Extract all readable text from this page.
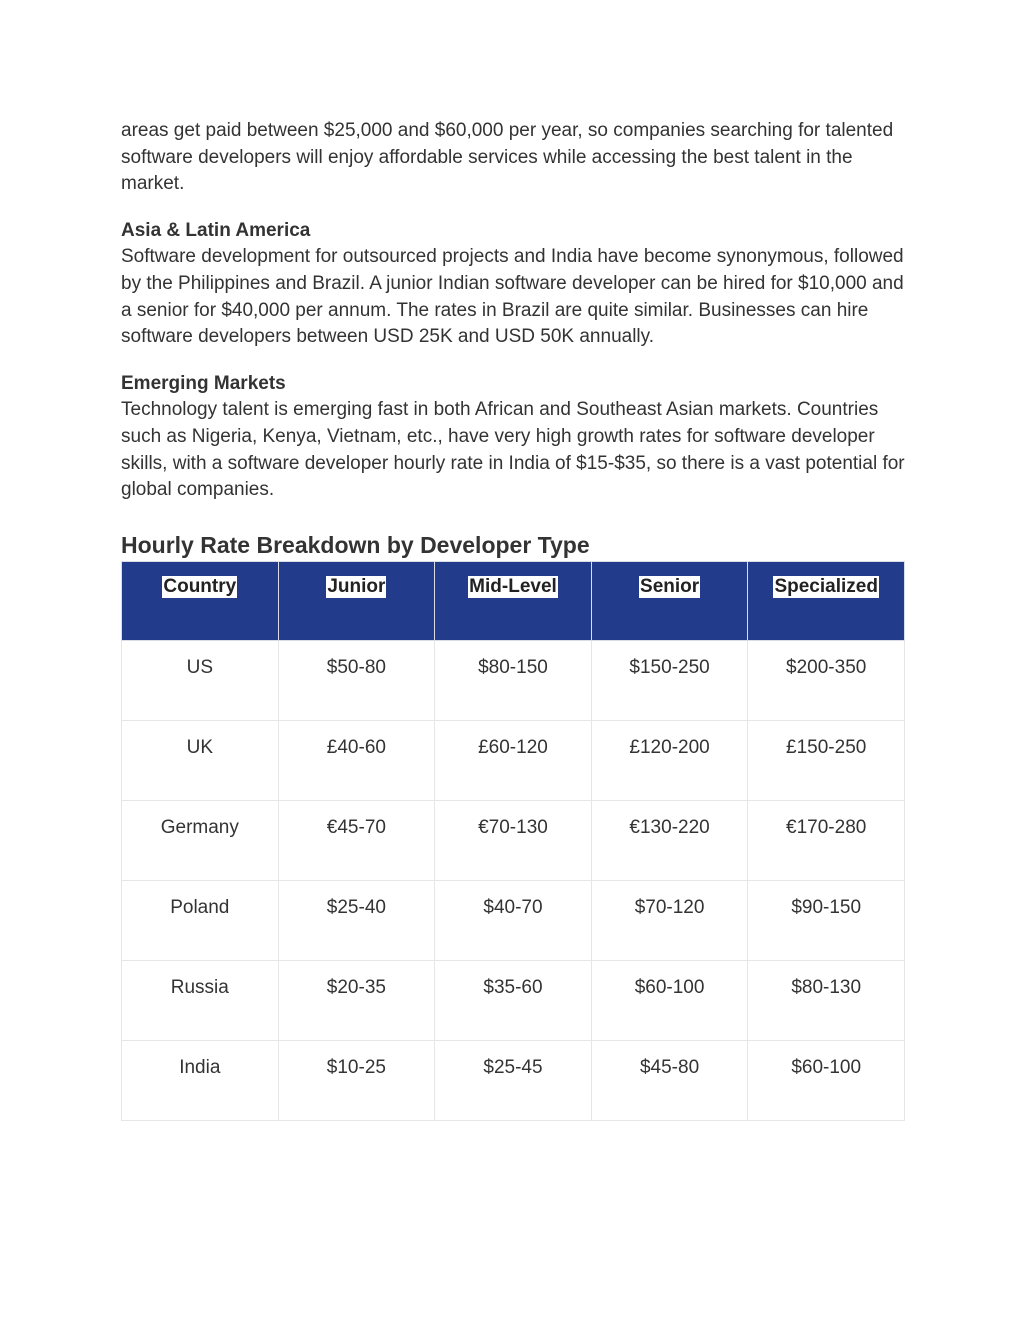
areas get paid between $25,000 and $60,000 per year, so companies searching for talented software developers will enjoy affordable services while accessing the best talent in the market.

Asia & Latin America

Software development for outsourced projects and India have become synonymous, followed by the Philippines and Brazil. A junior Indian software developer can be hired for $10,000 and a senior for $40,000 per annum. The rates in Brazil are quite similar. Businesses can hire software developers between USD 25K and USD 50K annually.

Emerging Markets

Technology talent is emerging fast in both African and Southeast Asian markets. Countries such as Nigeria, Kenya, Vietnam, etc., have very high growth rates for software developer skills, with a software developer hourly rate in India of $15-$35, so there is a vast potential for global companies.

Hourly Rate Breakdown by Developer Type
Country	Junior	Mid-Level	Senior	Specialized
US	$50-80	$80-150	$150-250	$200-350
UK	£40-60	£60-120	£120-200	£150-250
Germany	€45-70	€70-130	€130-220	€170-280
Poland	$25-40	$40-70	$70-120	$90-150
Russia	$20-35	$35-60	$60-100	$80-130
India	$10-25	$25-45	$45-80	$60-100
